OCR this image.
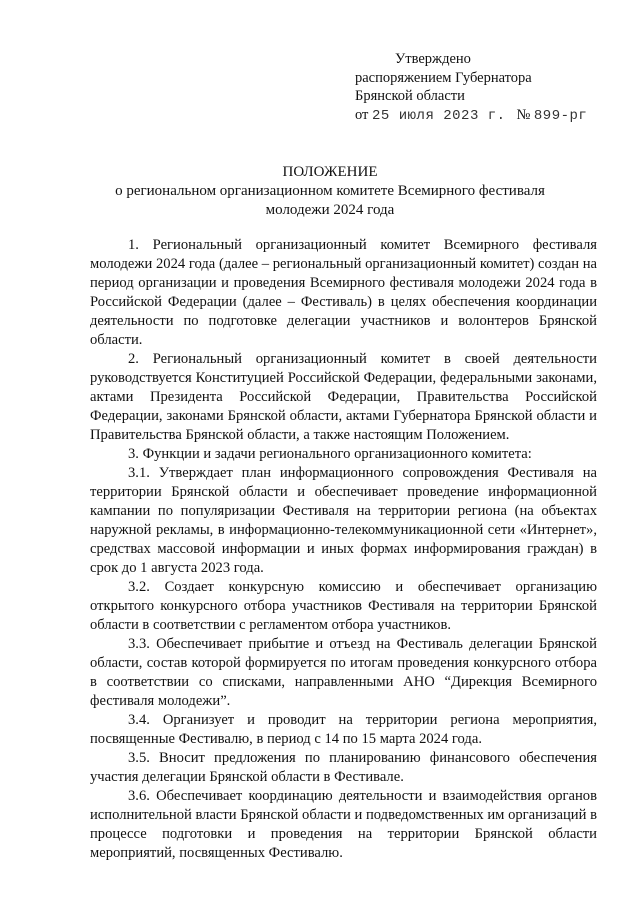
Утверждено
распоряжением Губернатора
Брянской области
от 25 июля 2023 г. № 899-рг
ПОЛОЖЕНИЕ
о региональном организационном комитете Всемирного фестиваля
молодежи 2024 года

1. Региональный организационный комитет Всемирного фестиваля молодежи 2024 года (далее – региональный организационный комитет) создан на период организации и проведения Всемирного фестиваля молодежи 2024 года в Российской Федерации (далее – Фестиваль) в целях обеспечения координации деятельности по подготовке делегации участников и волонтеров Брянской области.

2. Региональный организационный комитет в своей деятельности руководствуется Конституцией Российской Федерации, федеральными законами, актами Президента Российской Федерации, Правительства Российской Федерации, законами Брянской области, актами Губернатора Брянской области и Правительства Брянской области, а также настоящим Положением.

3. Функции и задачи регионального организационного комитета:

3.1. Утверждает план информационного сопровождения Фестиваля на территории Брянской области и обеспечивает проведение информационной кампании по популяризации Фестиваля на территории региона (на объектах наружной рекламы, в информационно-телекоммуникационной сети «Интернет», средствах массовой информации и иных формах информирования граждан) в срок до 1 августа 2023 года.

3.2. Создает конкурсную комиссию и обеспечивает организацию открытого конкурсного отбора участников Фестиваля на территории Брянской области в соответствии с регламентом отбора участников.

3.3. Обеспечивает прибытие и отъезд на Фестиваль делегации Брянской области, состав которой формируется по итогам проведения конкурсного отбора в соответствии со списками, направленными АНО “Дирекция Всемирного фестиваля молодежи”.

3.4. Организует и проводит на территории региона мероприятия, посвященные Фестивалю, в период с 14 по 15 марта 2024 года.

3.5. Вносит предложения по планированию финансового обеспечения участия делегации Брянской области в Фестивале.

3.6. Обеспечивает координацию деятельности и взаимодействия органов исполнительной власти Брянской области и подведомственных им организаций в процессе подготовки и проведения на территории Брянской области мероприятий, посвященных Фестивалю.
